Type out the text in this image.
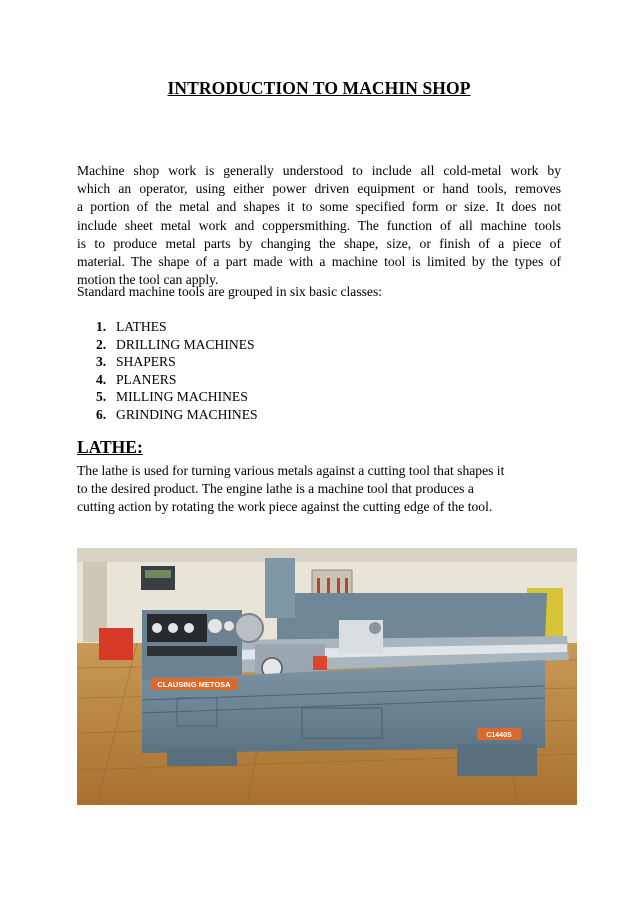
INTRODUCTION TO MACHIN SHOP
Machine shop work is generally understood to include all cold-metal work by
which an operator, using either power driven equipment or hand tools, removes
a portion of the metal and shapes it to some specified form or size. It does not
include sheet metal work and coppersmithing. The function of all machine tools
is to produce metal parts by changing the shape, size, or finish of a piece of
material. The shape of a part made with a machine tool is limited by the types of
motion the tool can apply.

Standard machine tools are grouped in six basic classes:

1. LATHES
2. DRILLING MACHINES
3. SHAPERS
4. PLANERS
5. MILLING MACHINES
6. GRINDING MACHINES
LATHE:
The lathe is used for turning various metals against a cutting tool that shapes it
to the desired product. The engine lathe is a machine tool that produces a
cutting action by rotating the work piece against the cutting edge of the tool.
CLAUSING METOSA
C1440S
